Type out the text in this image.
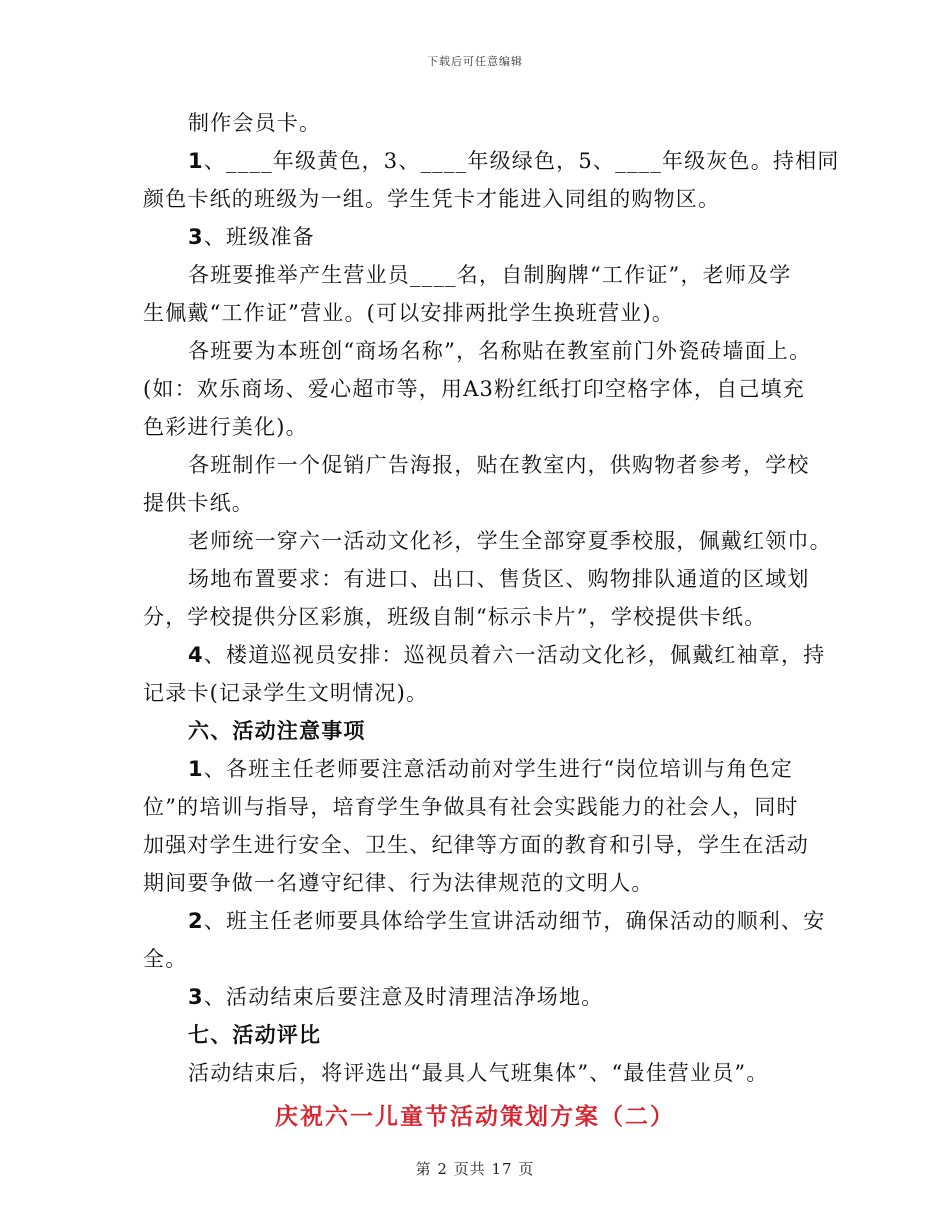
下载后可任意编辑
制作会员卡。
1、____年级黄色，3、____年级绿色，5、____年级灰色。持相同
颜色卡纸的班级为一组。学生凭卡才能进入同组的购物区。
3、班级准备
各班要推举产生营业员____名，自制胸牌“工作证”，老师及学
生佩戴“工作证”营业。(可以安排两批学生换班营业)。
各班要为本班创“商场名称”，名称贴在教室前门外瓷砖墙面上。
(如：欢乐商场、爱心超市等，用A3粉红纸打印空格字体，自己填充
色彩进行美化)。
各班制作一个促销广告海报，贴在教室内，供购物者参考，学校
提供卡纸。
老师统一穿六一活动文化衫，学生全部穿夏季校服，佩戴红领巾。
场地布置要求：有进口、出口、售货区、购物排队通道的区域划
分，学校提供分区彩旗，班级自制“标示卡片”，学校提供卡纸。
4、楼道巡视员安排：巡视员着六一活动文化衫，佩戴红袖章，持
记录卡(记录学生文明情况)。
六、活动注意事项
1、各班主任老师要注意活动前对学生进行“岗位培训与角色定
位”的培训与指导，培育学生争做具有社会实践能力的社会人，同时
加强对学生进行安全、卫生、纪律等方面的教育和引导，学生在活动
期间要争做一名遵守纪律、行为法律规范的文明人。
2、班主任老师要具体给学生宣讲活动细节，确保活动的顺利、安
全。
3、活动结束后要注意及时清理洁净场地。
七、活动评比
活动结束后，将评选出“最具人气班集体”、“最佳营业员”。
庆祝六一儿童节活动策划方案（二）
第 2 页共 17 页
